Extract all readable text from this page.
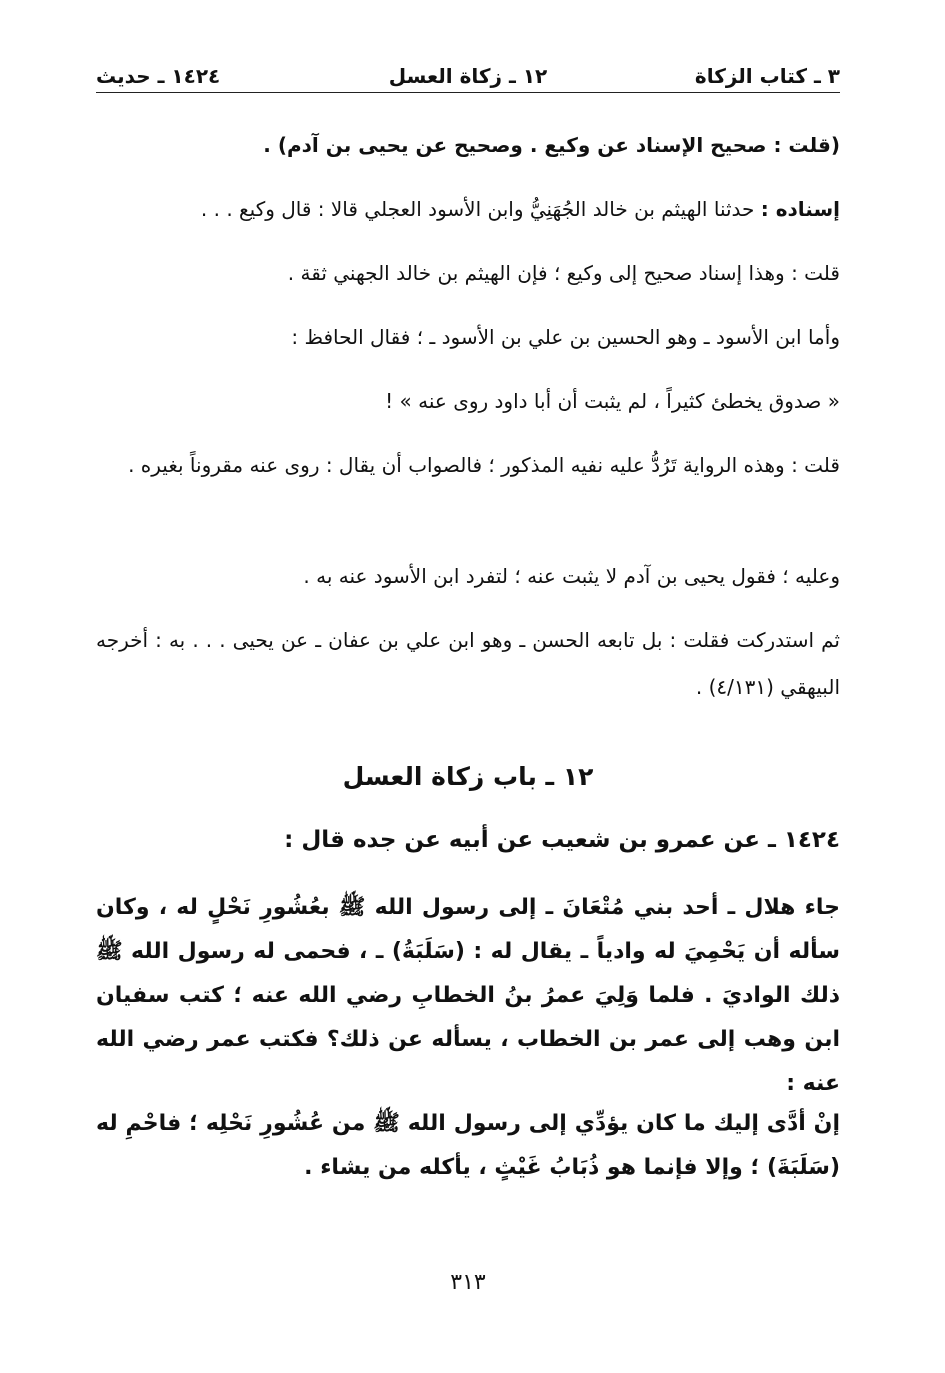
٣ ـ كتاب الزكاة
١٢ ـ زكاة العسل
١٤٢٤ ـ حديث
(قلت : صحيح الإسناد عن وكيع . وصحيح عن يحيى بن آدم) .
إسناده : حدثنا الهيثم بن خالد الجُهَنِيُّ وابن الأسود العجلي قالا : قال وكيع . . .
قلت : وهذا إسناد صحيح إلى وكيع ؛ فإن الهيثم بن خالد الجهني ثقة .
وأما ابن الأسود ـ وهو الحسين بن علي بن الأسود ـ ؛ فقال الحافظ :
« صدوق يخطئ كثيراً ، لم يثبت أن أبا داود روى عنه » !
قلت : وهذه الرواية تَرُدُّ عليه نفيه المذكور ؛ فالصواب أن يقال : روى عنه مقروناً بغيره .
وعليه ؛ فقول يحيى بن آدم لا يثبت عنه ؛ لتفرد ابن الأسود عنه به .
ثم استدركت فقلت : بل تابعه الحسن ـ وهو ابن علي بن عفان ـ عن يحيى . . . به : أخرجه البيهقي (٤/١٣١) .
١٢ ـ باب زكاة العسل
١٤٢٤ ـ عن عمرو بن شعيب عن أبيه عن جده قال :
جاء هلال ـ أحد بني مُتْعَانَ ـ إلى رسول الله ﷺ بعُشُورِ نَحْلٍ له ، وكان سأله أن يَحْمِيَ له وادياً ـ يقال له : (سَلَبَةُ) ـ ، فحمى له رسول الله ﷺ ذلك الواديَ . فلما وَلِيَ عمرُ بنُ الخطابِ رضي الله عنه ؛ كتب سفيان ابن وهب إلى عمر بن الخطاب ، يسأله عن ذلك؟ فكتب عمر رضي الله عنه :
إنْ أدَّى إليك ما كان يؤدِّي إلى رسول الله ﷺ من عُشُورِ نَحْلِه ؛ فاحْمِ له (سَلَبَةَ) ؛ وإلا فإنما هو ذُبَابُ غَيْثٍ ، يأكله من يشاء .
٣١٣
